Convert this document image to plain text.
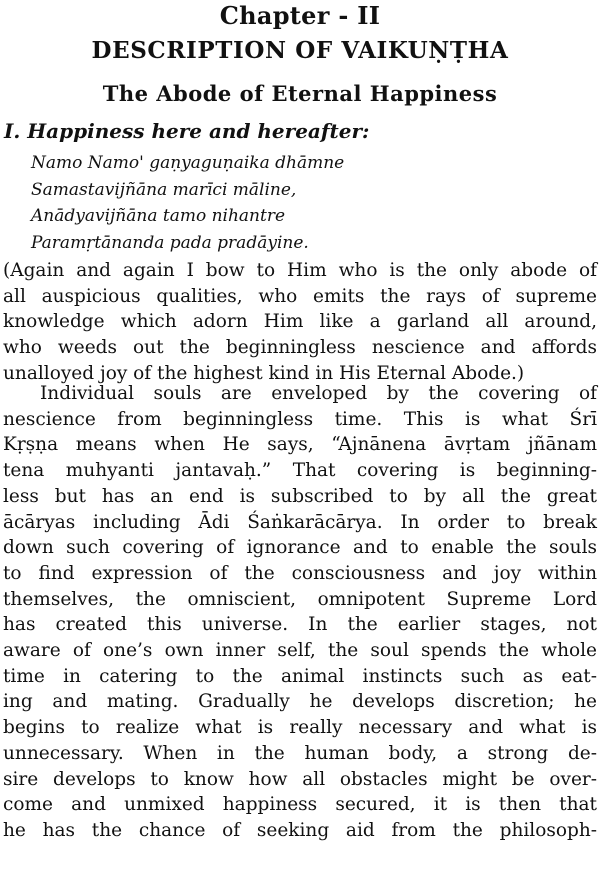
Chapter - II
DESCRIPTION OF VAIKUṆṬHA
The Abode of Eternal Happiness
I. Happiness here and hereafter:
Namo Namo' gaṇyaguṇaika dhāmne
Samastavijñāna marīci māline,
Anādyavijñāna tamo nihantre
Paramṛtānanda pada pradāyine.

(Again and again I bow to Him who is the only abode of
all auspicious qualities, who emits the rays of supreme
knowledge which adorn Him like a garland all around,
who weeds out the beginningless nescience and affords
unalloyed joy of the highest kind in His Eternal Abode.)

Individual souls are enveloped by the covering of
nescience from beginningless time. This is what Śrī
Kṛṣṇa means when He says, “Ajnānena āvṛtam jñānam
tena muhyanti jantavaḥ.” That covering is beginning-
less but has an end is subscribed to by all the great
ācāryas including Ādi Śaṅkarācārya. In order to break
down such covering of ignorance and to enable the souls
to find expression of the consciousness and joy within
themselves, the omniscient, omnipotent Supreme Lord
has created this universe. In the earlier stages, not
aware of one’s own inner self, the soul spends the whole
time in catering to the animal instincts such as eat-
ing and mating. Gradually he develops discretion; he
begins to realize what is really necessary and what is
unnecessary. When in the human body, a strong de-
sire develops to know how all obstacles might be over-
come and unmixed happiness secured, it is then that
he has the chance of seeking aid from the philosoph-
